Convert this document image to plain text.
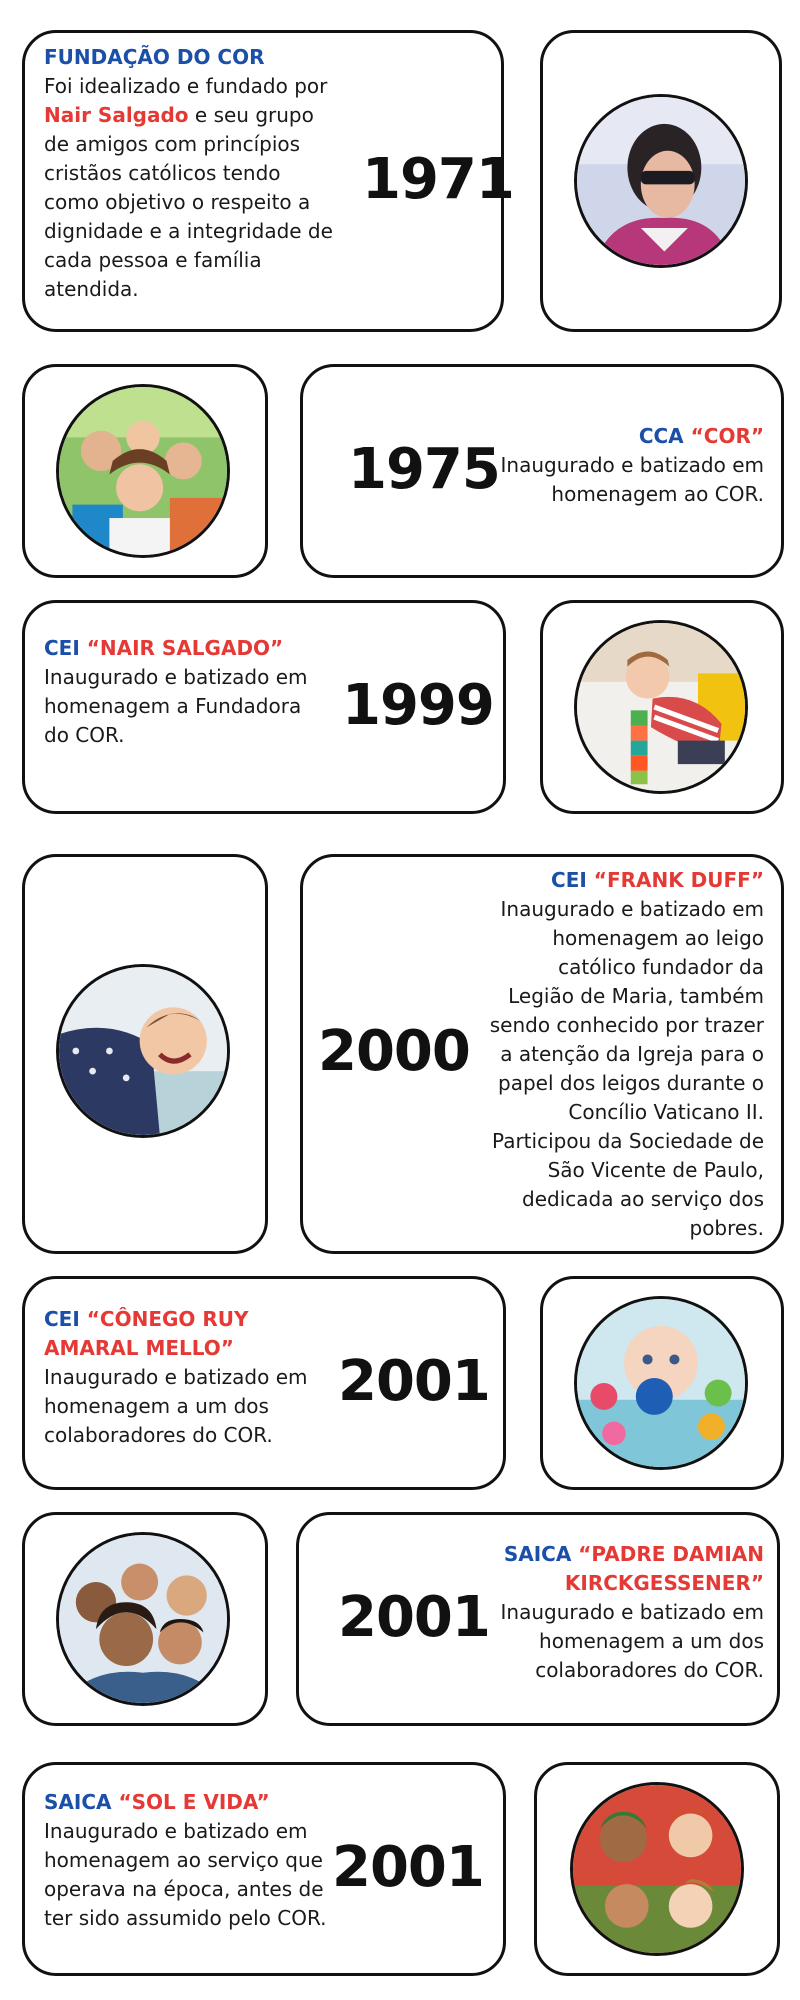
FUNDAÇÃO DO COR
Foi idealizado e fundado por
Nair Salgado e seu grupo de amigos com princípios cristãos católicos tendo como objetivo o respeito a dignidade e a integridade de cada pessoa e família atendida.
1971
1975
CCA “COR”
Inaugurado e batizado em homenagem ao COR.
CEI “NAIR SALGADO”
Inaugurado e batizado em homenagem a Fundadora do COR.	1999
2000
CEI “FRANK DUFF”
Inaugurado e batizado em homenagem ao leigo católico fundador da Legião de Maria, também sendo conhecido por trazer a atenção da Igreja para o papel dos leigos durante o Concílio Vaticano II. Participou da Sociedade de São Vicente de Paulo, dedicada ao serviço dos pobres.
CEI “CÔNEGO RUY AMARAL MELLO”
Inaugurado e batizado em homenagem a um dos colaboradores do COR.
2001
2001
SAICA “PADRE DAMIAN KIRCKGESSENER”
Inaugurado e batizado em homenagem a um dos colaboradores do COR.
SAICA “SOL E VIDA”
Inaugurado e batizado em homenagem ao serviço que operava na época, antes de ter sido assumido pelo COR.
2001
